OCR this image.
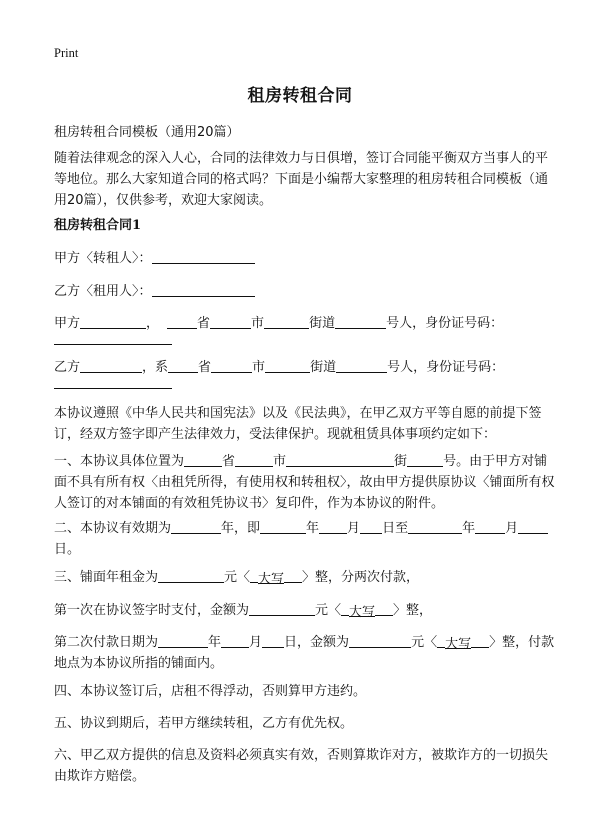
Print
租房转租合同
租房转租合同模板（通用20篇）
随着法律观念的深入人心，合同的法律效力与日俱增，签订合同能平衡双方当事人的平等地位。那么大家知道合同的格式吗？下面是小编帮大家整理的租房转租合同模板（通用20篇），仅供参考，欢迎大家阅读。
租房转租合同1
甲方〈转租人〉：
乙方〈租用人〉：
甲方	，	省	市	街道	号人，身份证号码：
乙方	，系 省	市	街道	号人，身份证号码：
本协议遵照《中华人民共和国宪法》以及《民法典》，在甲乙双方平等自愿的前提下签订，经双方签字即产生法律效力，受法律保护。现就租赁具体事项约定如下：
一、本协议具体位置为	省	市	街	号。由于甲方对铺面不具有所有权〈由租凭所得，有使用权和转租权〉，故由甲方提供原协议〈铺面所有权人签订的对本铺面的有效租凭协议书〉复印件，作为本协议的附件。
二、本协议有效期为	年，即	年 月 日至	年 月日。
三、铺面年租金为	元〈 大写 〉整，分两次付款，
第一次在协议签字时支付，金额为	元〈 大写 〉整，
第二次付款日期为	年 月 日，金额为	元〈 大写 〉整，付款地点为本协议所指的铺面内。
四、本协议签订后，店租不得浮动，否则算甲方违约。
五、协议到期后，若甲方继续转租，乙方有优先权。
六、甲乙双方提供的信息及资料必须真实有效，否则算欺诈对方，被欺诈方的一切损失由欺诈方赔偿。
